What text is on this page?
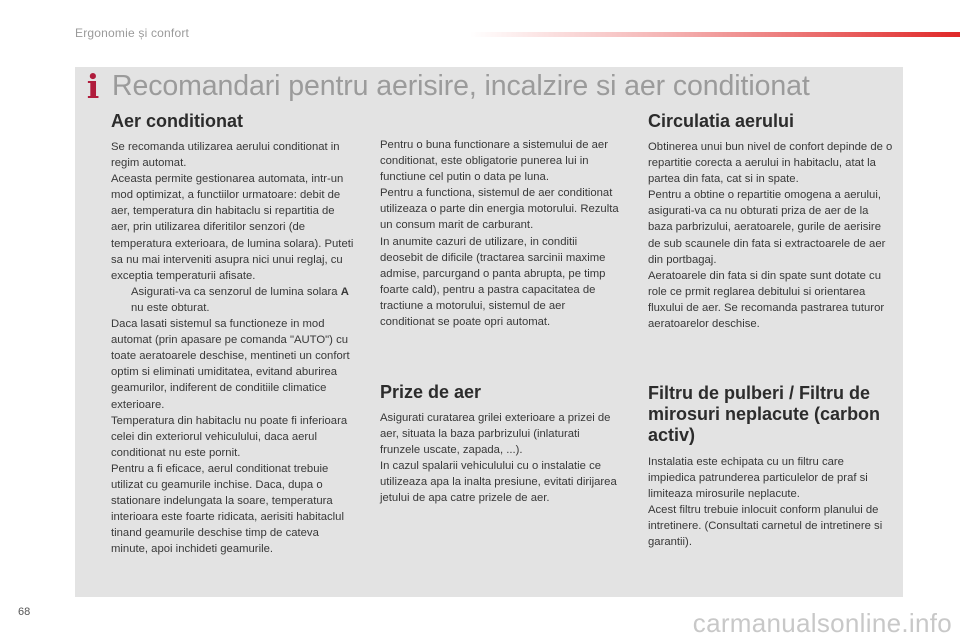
Ergonomie și confort
i Recomandari pentru aerisire, incalzire si aer conditionat
Aer conditionat

Se recomanda utilizarea aerului conditionat in regim automat.

Aceasta permite gestionarea automata, intr-un mod optimizat, a functiilor urmatoare: debit de aer, temperatura din habitaclu si repartitia de aer, prin utilizarea diferitilor senzori (de temperatura exterioara, de lumina solara). Puteti sa nu mai interveniti asupra nici unui reglaj, cu exceptia temperaturii afisate.

Asigurati-va ca senzorul de lumina solara A nu este obturat.

Daca lasati sistemul sa functioneze in mod automat (prin apasare pe comanda "AUTO") cu toate aeratoarele deschise, mentineti un confort optim si eliminati umiditatea, evitand aburirea geamurilor, indiferent de conditiile climatice exterioare.

Temperatura din habitaclu nu poate fi inferioara celei din exteriorul vehiculului, daca aerul conditionat nu este pornit.

Pentru a fi eficace, aerul conditionat trebuie utilizat cu geamurile inchise. Daca, dupa o stationare indelungata la soare, temperatura interioara este foarte ridicata, aerisiti habitaclul tinand geamurile deschise timp de cateva minute, apoi inchideti geamurile.

Pentru o buna functionare a sistemului de aer conditionat, este obligatorie punerea lui in functiune cel putin o data pe luna.

Pentru a functiona, sistemul de aer conditionat utilizeaza o parte din energia motorului. Rezulta un consum marit de carburant.

In anumite cazuri de utilizare, in conditii deosebit de dificile (tractarea sarcinii maxime admise, parcurgand o panta abrupta, pe timp foarte cald), pentru a pastra capacitatea de tractiune a motorului, sistemul de aer conditionat se poate opri automat.

Prize de aer

Asigurati curatarea grilei exterioare a prizei de aer, situata la baza parbrizului (inlaturati frunzele uscate, zapada, ...).

In cazul spalarii vehiculului cu o instalatie ce utilizeaza apa la inalta presiune, evitati dirijarea jetului de apa catre prizele de aer.

Circulatia aerului

Obtinerea unui bun nivel de confort depinde de o repartitie corecta a aerului in habitaclu, atat la partea din fata, cat si in spate.

Pentru a obtine o repartitie omogena a aerului, asigurati-va ca nu obturati priza de aer de la baza parbrizului, aeratoarele, gurile de aerisire de sub scaunele din fata si extractoarele de aer din portbagaj.

Aeratoarele din fata si din spate sunt dotate cu role ce prmit reglarea debitului si orientarea fluxului de aer. Se recomanda pastrarea tuturor aeratoarelor deschise.

Filtru de pulberi / Filtru de mirosuri neplacute (carbon activ)

Instalatia este echipata cu un filtru care impiedica patrunderea particulelor de praf si limiteaza mirosurile neplacute.

Acest filtru trebuie inlocuit conform planului de intretinere. (Consultati carnetul de intretinere si garantii).

68	carmanualsonline.info
